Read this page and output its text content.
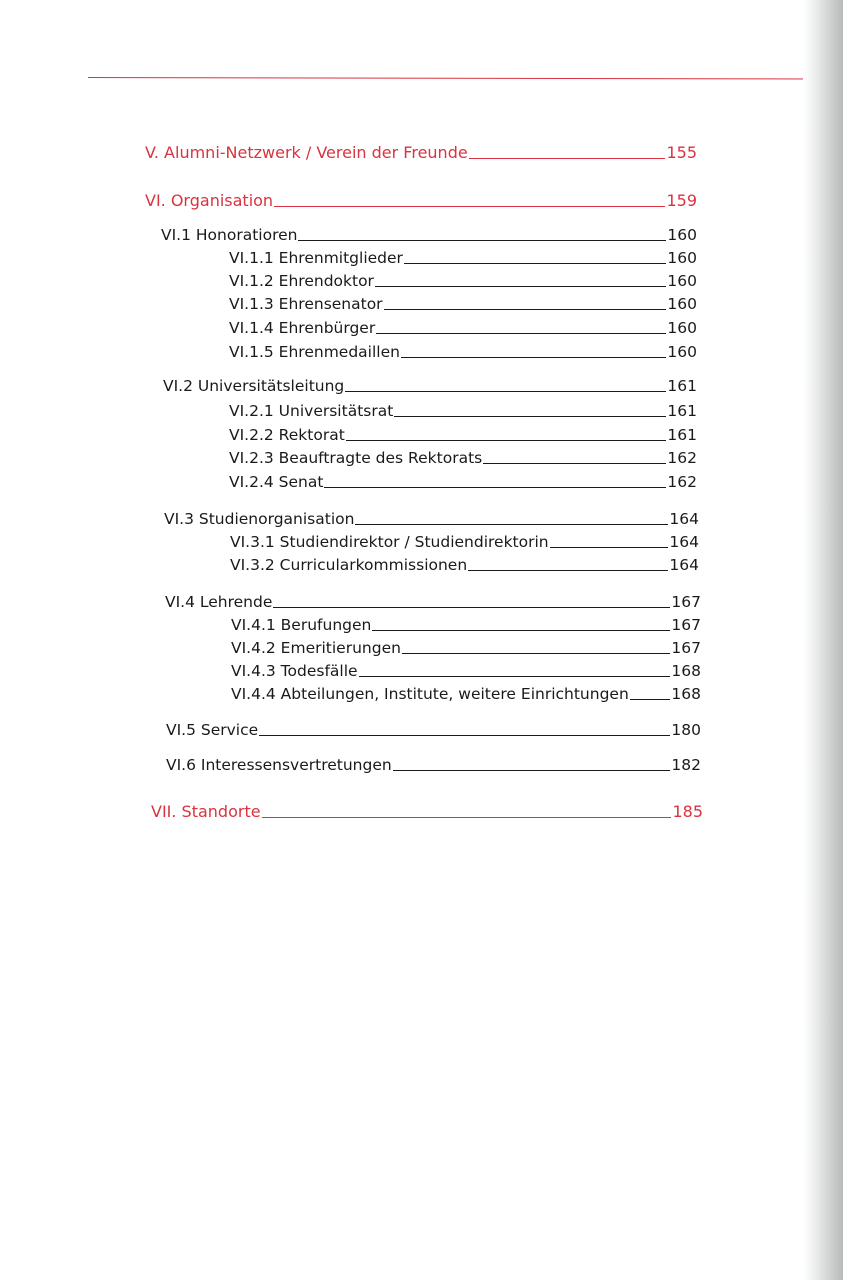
V. Alumni-Netzwerk / Verein der Freunde	155
VI. Organisation	159
VI.1 Honoratioren	160
VI.1.1 Ehrenmitglieder	160
VI.1.2 Ehrendoktor	160
VI.1.3 Ehrensenator	160
VI.1.4 Ehrenbürger	160
VI.1.5 Ehrenmedaillen	160
VI.2 Universitätsleitung	161
VI.2.1 Universitätsrat	161
VI.2.2 Rektorat	161
VI.2.3 Beauftragte des Rektorats	162
VI.2.4 Senat	162
VI.3 Studienorganisation	164
VI.3.1 Studiendirektor / Studiendirektorin	164
VI.3.2 Curricularkommissionen	164
VI.4 Lehrende	167
VI.4.1 Berufungen	167
VI.4.2 Emeritierungen	167
VI.4.3 Todesfälle	168
VI.4.4 Abteilungen, Institute, weitere Einrichtungen	168
VI.5 Service	180
VI.6 Interessensvertretungen	182
VII. Standorte	185
